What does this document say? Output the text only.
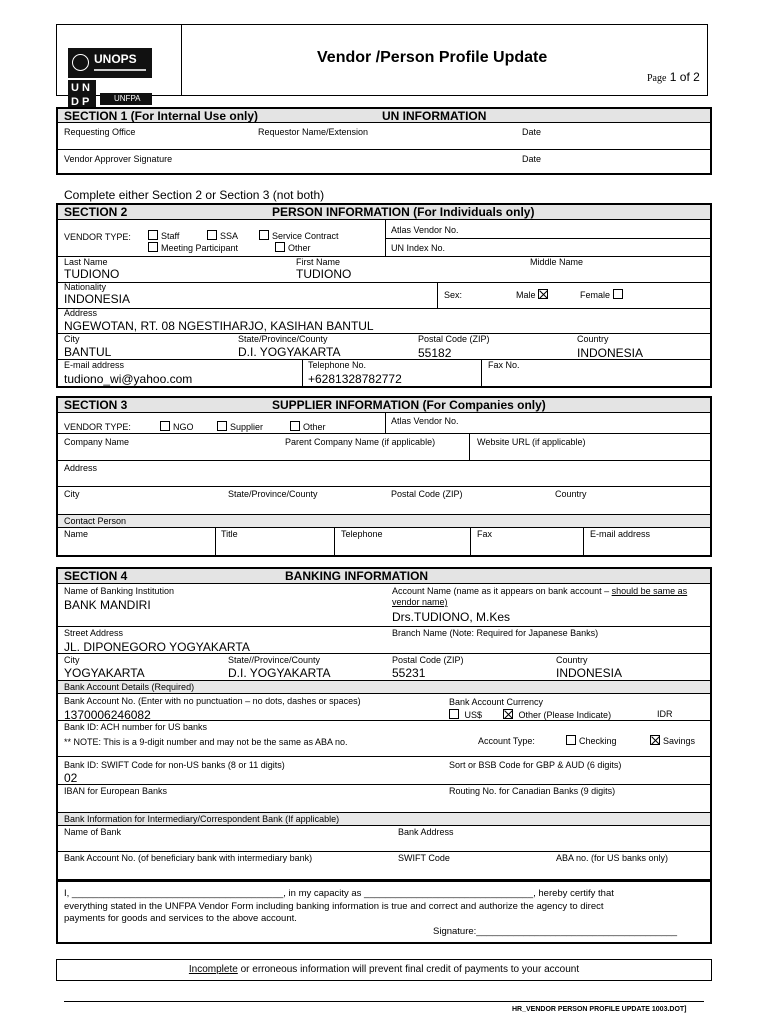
UNOPS
UN
DP	UNFPA
Vendor /Person Profile Update
Page 1 of 2
SECTION 1 (For Internal Use only)	UN INFORMATION
Requesting Office	Requestor Name/Extension	Date
Vendor Approver Signature	Date
Complete either Section 2 or Section 3 (not both)
SECTION 2	PERSON INFORMATION (For Individuals only)
VENDOR TYPE:	Staff	SSA	Service Contract
Meeting Participant	Other
Atlas Vendor No.
UN Index No.
Last Name
TUDIONO
First Name
TUDIONO
Middle Name
Nationality
INDONESIA	Sex:	Male	Female
Address
NGEWOTAN, RT. 08 NGESTIHARJO, KASIHAN BANTUL
City
BANTUL
State/Province/County
D.I. YOGYAKARTA
Postal Code (ZIP)
55182
Country
INDONESIA
E-mail address
tudiono_wi@yahoo.com
Telephone No.
+6281328782772
Fax No.
SECTION 3	SUPPLIER INFORMATION (For Companies only)
VENDOR TYPE:	NGO	Supplier	Other
Atlas Vendor No.
Company Name	Parent Company Name (if applicable)	Website URL (if applicable)
Address
City	State/Province/County	Postal Code (ZIP)	Country
Contact Person
Name	Title	Telephone	Fax	E-mail address
SECTION 4	BANKING INFORMATION
Name of Banking Institution
BANK MANDIRI
Account Name (name as it appears on bank account – should be same as vendor name)
Drs.TUDIONO, M.Kes
Street Address
JL. DIPONEGORO YOGYAKARTA
Branch Name (Note: Required for Japanese Banks)
City
YOGYAKARTA
State//Province/County
D.I. YOGYAKARTA
Postal Code (ZIP)
55231
Country
INDONESIA
Bank Account Details (Required)
Bank Account No. (Enter with no punctuation – no dots, dashes or spaces)
1370006246082
Bank Account Currency
US$	Other (Please Indicate)	IDR
Bank ID: ACH number for US banks
** NOTE: This is a 9-digit number and may not be the same as ABA no.	Account Type:	Checking	Savings
Bank ID: SWIFT Code for non-US banks (8 or 11 digits)
02
Sort or BSB Code for GBP & AUD (6 digits)
IBAN for European Banks	Routing No. for Canadian Banks (9 digits)
Bank Information for Intermediary/Correspondent Bank (If applicable)
Name of Bank	Bank Address
Bank Account No. (of beneficiary bank with intermediary bank)	SWIFT Code	ABA no. (for US banks only)
I, ________________________________________, in my capacity as ________________________________, hereby certify that
everything stated in the UNFPA Vendor Form including banking information is true and correct and authorize the agency to direct
payments for goods and services to the above account.
Signature:______________________________________
Incomplete or erroneous information will prevent final credit of payments to your account
HR_VENDOR PERSON PROFILE UPDATE 1003.DOT]
